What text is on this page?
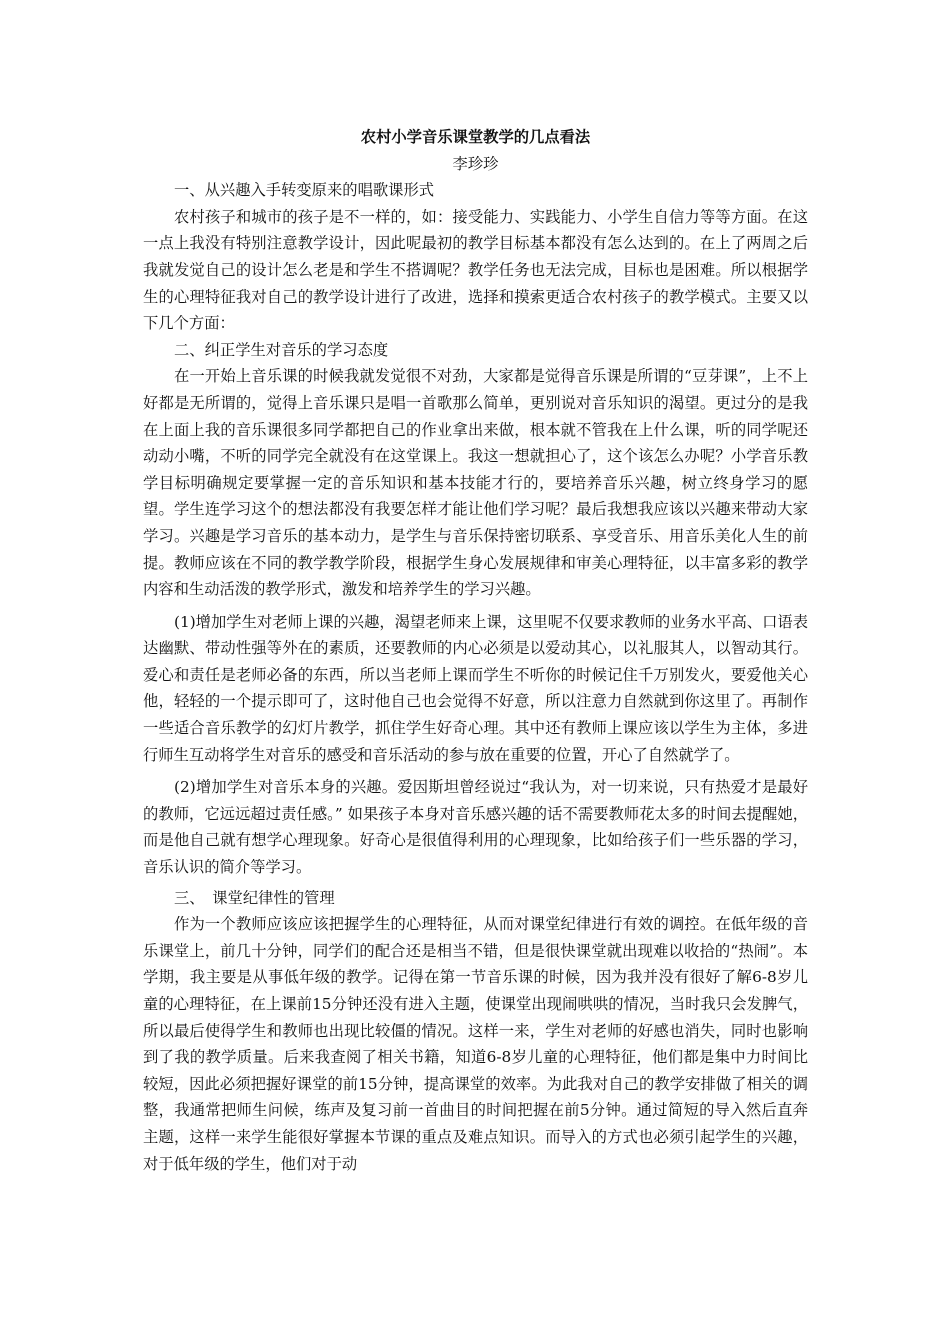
农村小学音乐课堂教学的几点看法

李珍珍

一、从兴趣入手转变原来的唱歌课形式

农村孩子和城市的孩子是不一样的，如：接受能力、实践能力、小学生自信力等等方面。在这一点上我没有特别注意教学设计，因此呢最初的教学目标基本都没有怎么达到的。在上了两周之后我就发觉自己的设计怎么老是和学生不搭调呢？教学任务也无法完成，目标也是困难。所以根据学生的心理特征我对自己的教学设计进行了改进，选择和摸索更适合农村孩子的教学模式。主要又以下几个方面：

二、纠正学生对音乐的学习态度

在一开始上音乐课的时候我就发觉很不对劲，大家都是觉得音乐课是所谓的“豆芽课”，上不上好都是无所谓的，觉得上音乐课只是唱一首歌那么简单，更别说对音乐知识的渴望。更过分的是我在上面上我的音乐课很多同学都把自己的作业拿出来做，根本就不管我在上什么课，听的同学呢还动动小嘴，不听的同学完全就没有在这堂课上。我这一想就担心了，这个该怎么办呢？小学音乐教学目标明确规定要掌握一定的音乐知识和基本技能才行的，要培养音乐兴趣，树立终身学习的愿望。学生连学习这个的想法都没有我要怎样才能让他们学习呢？最后我想我应该以兴趣来带动大家学习。兴趣是学习音乐的基本动力，是学生与音乐保持密切联系、享受音乐、用音乐美化人生的前提。教师应该在不同的教学教学阶段，根据学生身心发展规律和审美心理特征，以丰富多彩的教学内容和生动活泼的教学形式，激发和培养学生的学习兴趣。

(1)增加学生对老师上课的兴趣，渴望老师来上课，这里呢不仅要求教师的业务水平高、口语表达幽默、带动性强等外在的素质，还要教师的内心必须是以爱动其心，以礼服其人，以智动其行。爱心和责任是老师必备的东西，所以当老师上课而学生不听你的时候记住千万别发火，要爱他关心他，轻轻的一个提示即可了，这时他自己也会觉得不好意，所以注意力自然就到你这里了。再制作一些适合音乐教学的幻灯片教学，抓住学生好奇心理。其中还有教师上课应该以学生为主体，多进行师生互动将学生对音乐的感受和音乐活动的参与放在重要的位置，开心了自然就学了。

(2)增加学生对音乐本身的兴趣。爱因斯坦曾经说过“我认为，对一切来说，只有热爱才是最好的教师，它远远超过责任感。” 如果孩子本身对音乐感兴趣的话不需要教师花太多的时间去提醒她，而是他自己就有想学心理现象。好奇心是很值得利用的心理现象，比如给孩子们一些乐器的学习，音乐认识的简介等学习。

三、　课堂纪律性的管理

作为一个教师应该应该把握学生的心理特征，从而对课堂纪律进行有效的调控。在低年级的音乐课堂上，前几十分钟，同学们的配合还是相当不错，但是很快课堂就出现难以收拾的“热闹”。本学期，我主要是从事低年级的教学。记得在第一节音乐课的时候，因为我并没有很好了解6-8岁儿童的心理特征，在上课前15分钟还没有进入主题，使课堂出现闹哄哄的情况，当时我只会发脾气，所以最后使得学生和教师也出现比较僵的情况。这样一来，学生对老师的好感也消失，同时也影响到了我的教学质量。后来我查阅了相关书籍，知道6-8岁儿童的心理特征，他们都是集中力时间比较短，因此必须把握好课堂的前15分钟，提高课堂的效率。为此我对自己的教学安排做了相关的调整，我通常把师生问候，练声及复习前一首曲目的时间把握在前5分钟。通过简短的导入然后直奔主题，这样一来学生能很好掌握本节课的重点及难点知识。而导入的方式也必须引起学生的兴趣，对于低年级的学生，他们对于动
